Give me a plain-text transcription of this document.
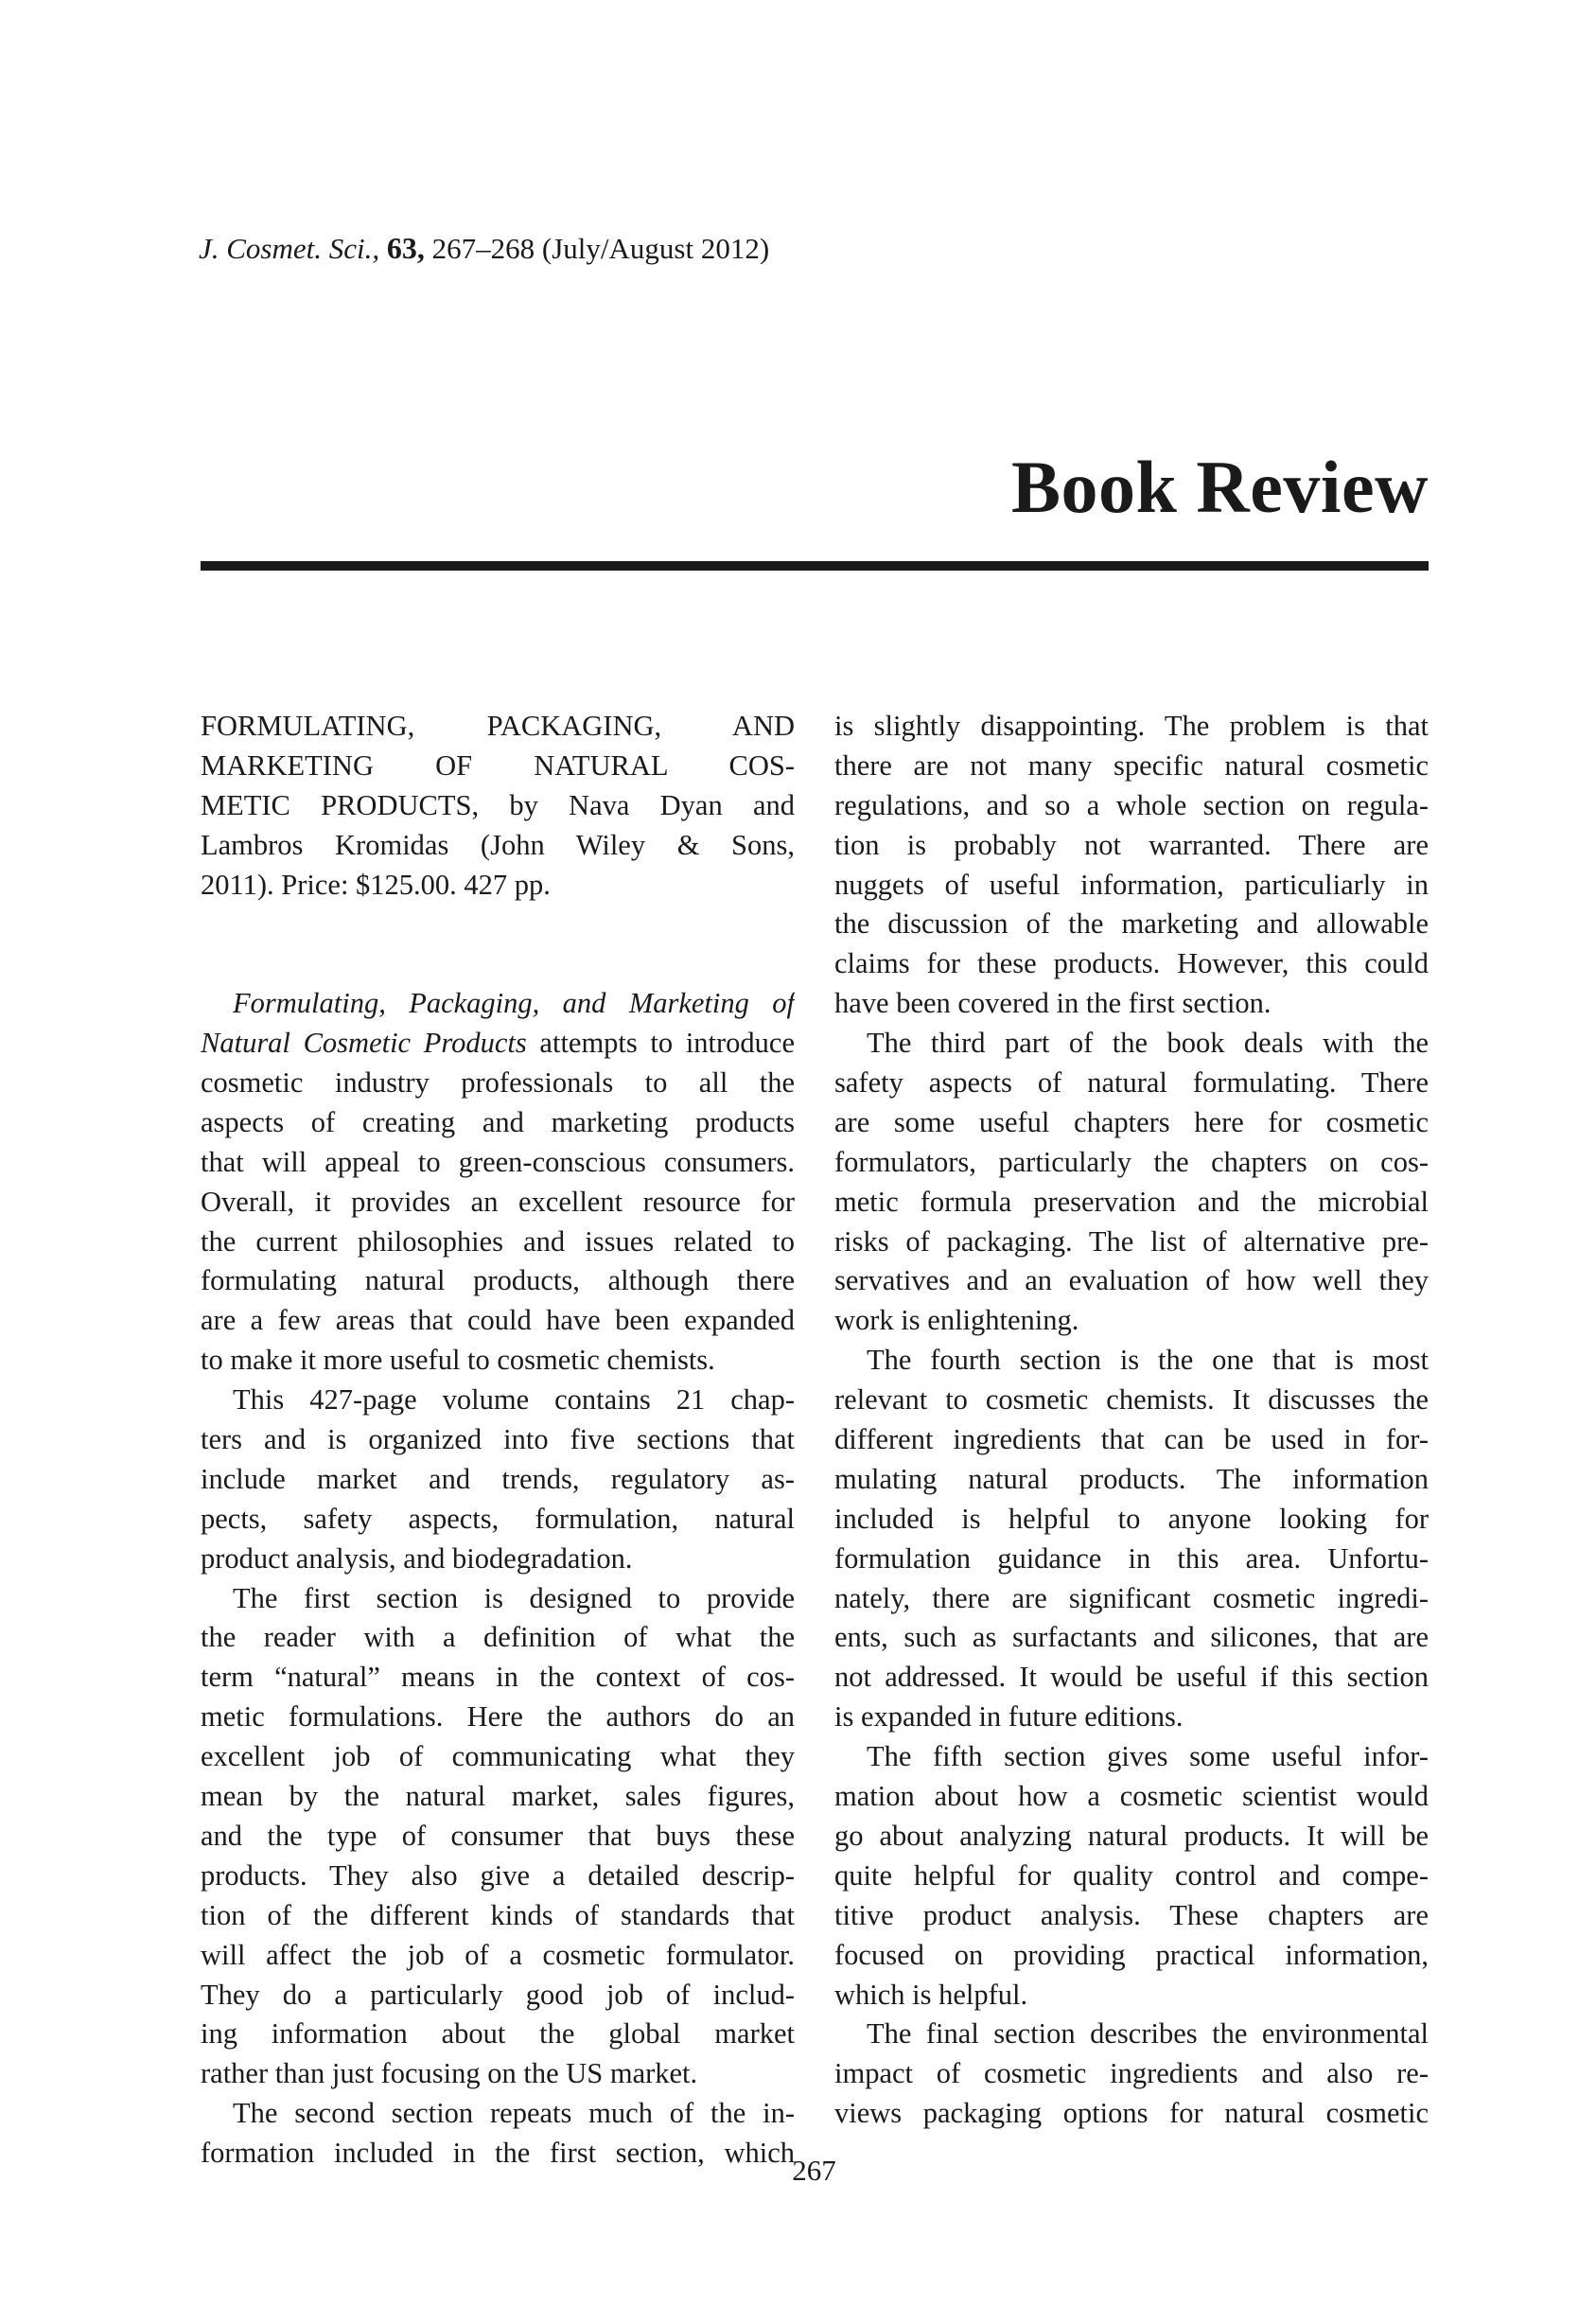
J. Cosmet. Sci., 63, 267–268 (July/August 2012)
Book Review
FORMULATING, PACKAGING, AND
MARKETING OF NATURAL COS-
METIC PRODUCTS, by Nava Dyan and
Lambros Kromidas (John Wiley & Sons,
2011). Price: $125.00. 427 pp.
Formulating, Packaging, and Marketing of
Natural Cosmetic Products attempts to introduce
cosmetic industry professionals to all the
aspects of creating and marketing products
that will appeal to green-conscious consumers.
Overall, it provides an excellent resource for
the current philosophies and issues related to
formulating natural products, although there
are a few areas that could have been expanded
to make it more useful to cosmetic chemists.
This 427-page volume contains 21 chap-
ters and is organized into five sections that
include market and trends, regulatory as-
pects, safety aspects, formulation, natural
product analysis, and biodegradation.
The first section is designed to provide
the reader with a definition of what the
term “natural” means in the context of cos-
metic formulations. Here the authors do an
excellent job of communicating what they
mean by the natural market, sales figures,
and the type of consumer that buys these
products. They also give a detailed descrip-
tion of the different kinds of standards that
will affect the job of a cosmetic formulator.
They do a particularly good job of includ-
ing information about the global market
rather than just focusing on the US market.
The second section repeats much of the in-
formation included in the first section, which
is slightly disappointing. The problem is that
there are not many specific natural cosmetic
regulations, and so a whole section on regula-
tion is probably not warranted. There are
nuggets of useful information, particuliarly in
the discussion of the marketing and allowable
claims for these products. However, this could
have been covered in the first section.
The third part of the book deals with the
safety aspects of natural formulating. There
are some useful chapters here for cosmetic
formulators, particularly the chapters on cos-
metic formula preservation and the microbial
risks of packaging. The list of alternative pre-
servatives and an evaluation of how well they
work is enlightening.
The fourth section is the one that is most
relevant to cosmetic chemists. It discusses the
different ingredients that can be used in for-
mulating natural products. The information
included is helpful to anyone looking for
formulation guidance in this area. Unfortu-
nately, there are significant cosmetic ingredi-
ents, such as surfactants and silicones, that are
not addressed. It would be useful if this section
is expanded in future editions.
The fifth section gives some useful infor-
mation about how a cosmetic scientist would
go about analyzing natural products. It will be
quite helpful for quality control and compe-
titive product analysis. These chapters are
focused on providing practical information,
which is helpful.
The final section describes the environmental
impact of cosmetic ingredients and also re-
views packaging options for natural cosmetic
267
